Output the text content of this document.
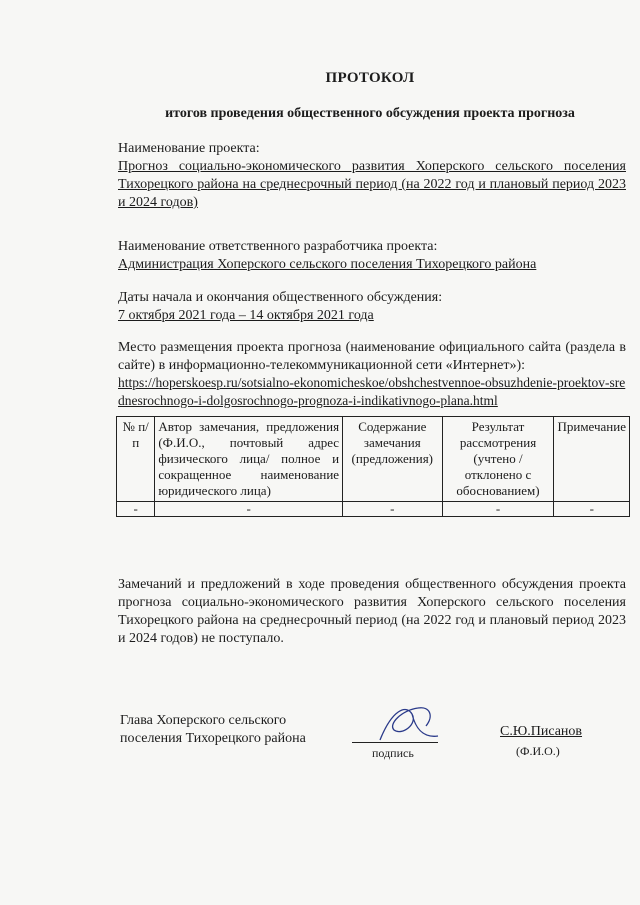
ПРОТОКОЛ
итогов проведения общественного обсуждения проекта прогноза
Наименование проекта:
Прогноз социально-экономического развития Хоперского сельского поселения Тихорецкого района на среднесрочный период (на 2022 год и плановый период 2023 и 2024 годов)
Наименование ответственного разработчика проекта:
Администрация Хоперского сельского поселения Тихорецкого района
Даты начала и окончания общественного обсуждения:
7 октября 2021 года – 14 октября 2021 года
Место размещения проекта прогноза (наименование официального сайта (раздела в сайте) в информационно-телекоммуникационной сети «Интернет»):
https://hoperskoesp.ru/sotsialno-ekonomicheskoe/obshchestvennoe-obsuzhdenie-proektov-srednesrochnogo-i-dolgosrochnogo-prognoza-i-indikativnogo-plana.html
№ п/п	Автор замечания, предложения (Ф.И.О., почтовый адрес физического лица/ полное и сокращенное наименование юридического лица)	Содержание замечания (предложения)	Результат рассмотрения (учтено / отклонено с обоснованием)	Примечание
-	-	-	-	-
Замечаний и предложений в ходе проведения общественного обсуждения проекта прогноза социально-экономического развития Хоперского сельского поселения Тихорецкого района на среднесрочный период (на 2022 год и плановый период 2023 и 2024 годов) не поступало.
Глава Хоперского сельского
поселения Тихорецкого района
подпись
С.Ю.Писанов
(Ф.И.О.)
